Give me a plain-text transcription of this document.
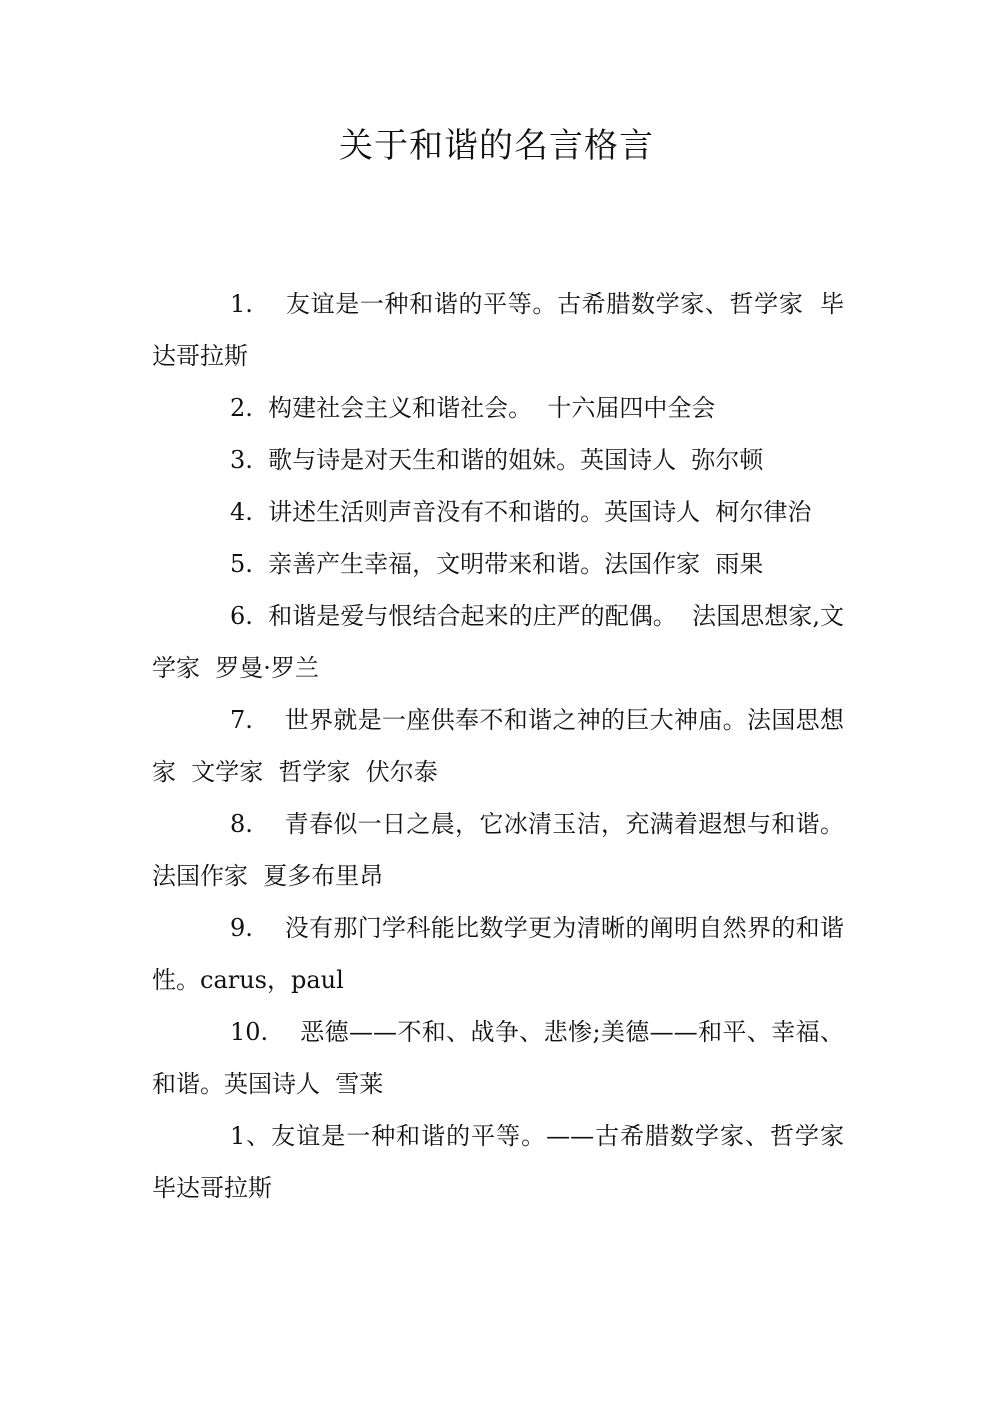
关于和谐的名言格言

1.    友谊是一种和谐的平等。古希腊数学家、哲学家  毕达哥拉斯

2.  构建社会主义和谐社会。  十六届四中全会

3.  歌与诗是对天生和谐的姐妹。英国诗人  弥尔顿

4.  讲述生活则声音没有不和谐的。英国诗人  柯尔律治

5.  亲善产生幸福，文明带来和谐。法国作家  雨果

6.  和谐是爱与恨结合起来的庄严的配偶。  法国思想家,文学家  罗曼·罗兰

7.    世界就是一座供奉不和谐之神的巨大神庙。法国思想家  文学家  哲学家  伏尔泰

8.    青春似一日之晨，它冰清玉洁，充满着遐想与和谐。法国作家  夏多布里昂

9.    没有那门学科能比数学更为清晰的阐明自然界的和谐性。carus，paul

10.    恶德——不和、战争、悲惨;美德——和平、幸福、和谐。英国诗人  雪莱

1、友谊是一种和谐的平等。——古希腊数学家、哲学家  毕达哥拉斯
